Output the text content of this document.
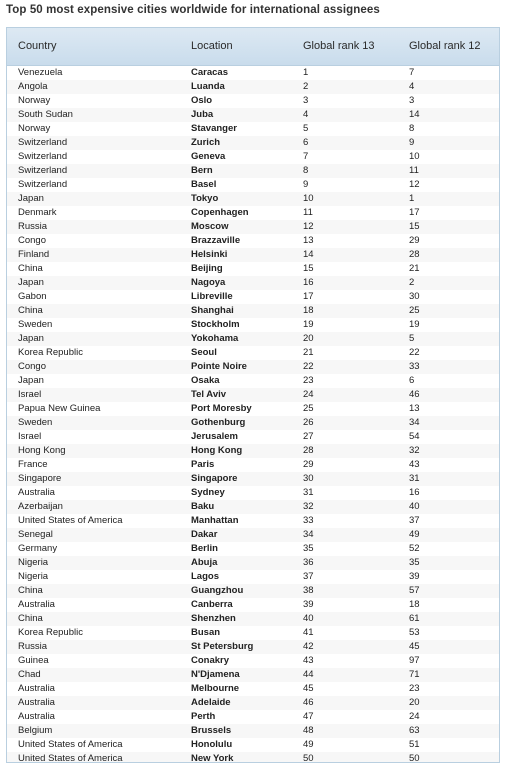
Top 50 most expensive cities worldwide for international assignees
Country	Location	Global rank 13	Global rank 12
Venezuela	Caracas	1	7
Angola	Luanda	2	4
Norway	Oslo	3	3
South Sudan	Juba	4	14
Norway	Stavanger	5	8
Switzerland	Zurich	6	9
Switzerland	Geneva	7	10
Switzerland	Bern	8	11
Switzerland	Basel	9	12
Japan	Tokyo	10	1
Denmark	Copenhagen	11	17
Russia	Moscow	12	15
Congo	Brazzaville	13	29
Finland	Helsinki	14	28
China	Beijing	15	21
Japan	Nagoya	16	2
Gabon	Libreville	17	30
China	Shanghai	18	25
Sweden	Stockholm	19	19
Japan	Yokohama	20	5
Korea Republic	Seoul	21	22
Congo	Pointe Noire	22	33
Japan	Osaka	23	6
Israel	Tel Aviv	24	46
Papua New Guinea	Port Moresby	25	13
Sweden	Gothenburg	26	34
Israel	Jerusalem	27	54
Hong Kong	Hong Kong	28	32
France	Paris	29	43
Singapore	Singapore	30	31
Australia	Sydney	31	16
Azerbaijan	Baku	32	40
United States of America	Manhattan	33	37
Senegal	Dakar	34	49
Germany	Berlin	35	52
Nigeria	Abuja	36	35
Nigeria	Lagos	37	39
China	Guangzhou	38	57
Australia	Canberra	39	18
China	Shenzhen	40	61
Korea Republic	Busan	41	53
Russia	St Petersburg	42	45
Guinea	Conakry	43	97
Chad	N'Djamena	44	71
Australia	Melbourne	45	23
Australia	Adelaide	46	20
Australia	Perth	47	24
Belgium	Brussels	48	63
United States of America	Honolulu	49	51
United States of America	New York	50	50
